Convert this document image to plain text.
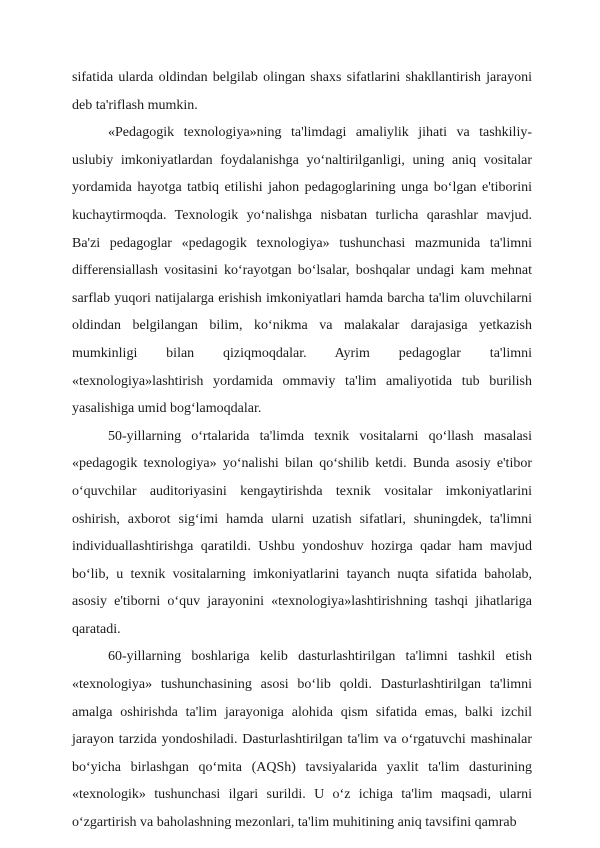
sifatida ularda oldindan belgilab olingan shaxs sifatlarini shakllantirish jarayoni deb ta'riflash mumkin.

«Pedagogik texnologiya»ning ta'limdagi amaliylik jihati va tashkiliy-uslubiy imkoniyatlardan foydalanishga yo‘naltirilganligi, uning aniq vositalar yordamida hayotga tatbiq etilishi jahon pedagoglarining unga bo‘lgan e'tiborini kuchaytirmoqda. Texnologik yo‘nalishga nisbatan turlicha qarashlar mavjud. Ba'zi pedagoglar «pedagogik texnologiya» tushunchasi mazmunida ta'limni differensiallash vositasini ko‘rayotgan bo‘lsalar, boshqalar undagi kam mehnat sarflab yuqori natijalarga erishish imkoniyatlari hamda barcha ta'lim oluvchilarni oldindan belgilangan bilim, ko‘nikma va malakalar darajasiga yetkazish mumkinligi bilan qiziqmoqdalar. Ayrim pedagoglar ta'limni «texnologiya»lashtirish yordamida ommaviy ta'lim amaliyotida tub burilish yasalishiga umid bog‘lamoqdalar.

50-yillarning o‘rtalarida ta'limda texnik vositalarni qo‘llash masalasi «pedagogik texnologiya» yo‘nalishi bilan qo‘shilib ketdi. Bunda asosiy e'tibor o‘quvchilar auditoriyasini kengaytirishda texnik vositalar imkoniyatlarini oshirish, axborot sig‘imi hamda ularni uzatish sifatlari, shuningdek, ta'limni individuallashtirishga qaratildi. Ushbu yondoshuv hozirga qadar ham mavjud bo‘lib, u texnik vositalarning imkoniyatlarini tayanch nuqta sifatida baholab, asosiy e'tiborni o‘quv jarayonini «texnologiya»lashtirishning tashqi jihatlariga qaratadi.

60-yillarning boshlariga kelib dasturlashtirilgan ta'limni tashkil etish «texnologiya» tushunchasining asosi bo‘lib qoldi. Dasturlashtirilgan ta'limni amalga oshirishda ta'lim jarayoniga alohida qism sifatida emas, balki izchil jarayon tarzida yondoshiladi. Dasturlashtirilgan ta'lim va o‘rgatuvchi mashinalar bo‘yicha birlashgan qo‘mita (AQSh) tavsiyalarida yaxlit ta'lim dasturining «texnologik» tushunchasi ilgari surildi. U o‘z ichiga ta'lim maqsadi, ularni o‘zgartirish va baholashning mezonlari, ta'lim muhitining aniq tavsifini qamrab
